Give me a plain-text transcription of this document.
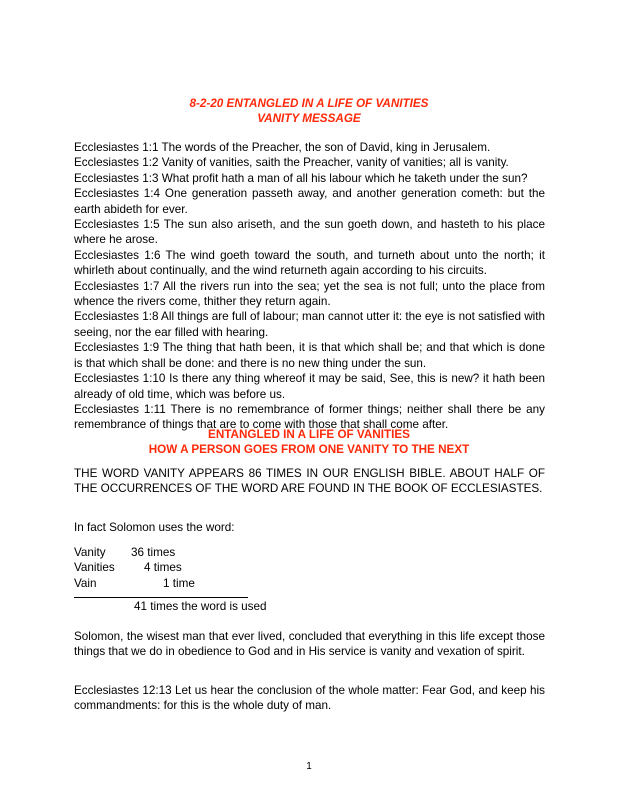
8-2-20 ENTANGLED IN A LIFE OF VANITIES
VANITY MESSAGE

Ecclesiastes 1:1 The words of the Preacher, the son of David, king in Jerusalem.

Ecclesiastes 1:2 Vanity of vanities, saith the Preacher, vanity of vanities; all is vanity.

Ecclesiastes 1:3 What profit hath a man of all his labour which he taketh under the sun?

Ecclesiastes 1:4 One generation passeth away, and another generation cometh: but the earth abideth for ever.

Ecclesiastes 1:5 The sun also ariseth, and the sun goeth down, and hasteth to his place where he arose.

Ecclesiastes 1:6 The wind goeth toward the south, and turneth about unto the north; it whirleth about continually, and the wind returneth again according to his circuits.

Ecclesiastes 1:7 All the rivers run into the sea; yet the sea is not full; unto the place from whence the rivers come, thither they return again.

Ecclesiastes 1:8 All things are full of labour; man cannot utter it: the eye is not satisfied with seeing, nor the ear filled with hearing.

Ecclesiastes 1:9 The thing that hath been, it is that which shall be; and that which is done is that which shall be done: and there is no new thing under the sun.

Ecclesiastes 1:10 Is there any thing whereof it may be said, See, this is new? it hath been already of old time, which was before us.

Ecclesiastes 1:11 There is no remembrance of former things; neither shall there be any remembrance of things that are to come with those that shall come after.

ENTANGLED IN A LIFE OF VANITIES
HOW A PERSON GOES FROM ONE VANITY TO THE NEXT

THE WORD VANITY APPEARS 86 TIMES IN OUR ENGLISH BIBLE. ABOUT HALF OF THE OCCURRENCES OF THE WORD ARE FOUND IN THE BOOK OF ECCLESIASTES.

In fact Solomon uses the word:

Vanity 36 times
Vanities	4 times
Vain	1 time
41 times the word is used

Solomon, the wisest man that ever lived, concluded that everything in this life except those things that we do in obedience to God and in His service is vanity and vexation of spirit.

Ecclesiastes 12:13 Let us hear the conclusion of the whole matter: Fear God, and keep his commandments: for this is the whole duty of man.

1
